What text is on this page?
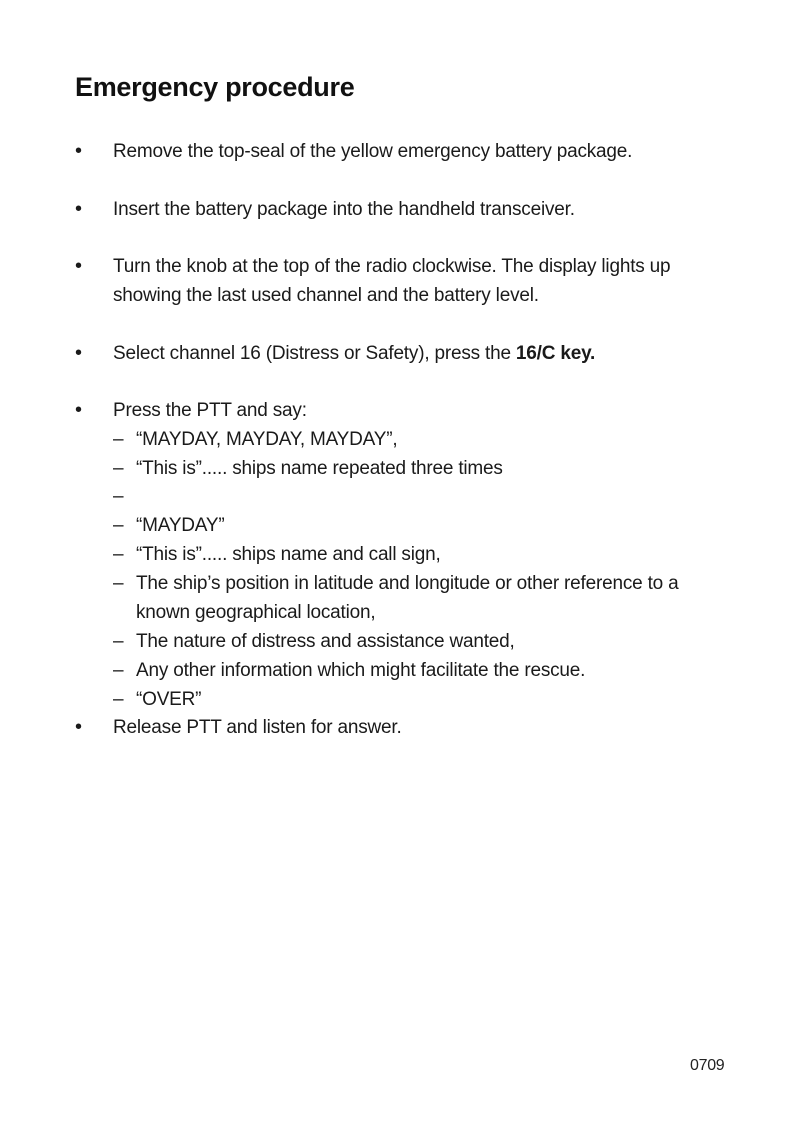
Emergency procedure
• Remove the top-seal of the yellow emergency battery package.
• Insert the battery package into the handheld transceiver.
• Turn the knob at the top of the radio clockwise. The display lights up showing the last used channel and the battery level.
• Select channel 16 (Distress or Safety), press the 16/C key.
• Press the PTT and say:
• Release PTT and listen for answer.
– “MAYDAY, MAYDAY, MAYDAY”,
– “This is”..... ships name repeated three times
–
– “MAYDAY”
– “This is”..... ships name and call sign,
– The ship’s position in latitude and longitude or other reference to a known geographical location,
– The nature of distress and assistance wanted,
– Any other information which might facilitate the rescue.
– “OVER”
0709
